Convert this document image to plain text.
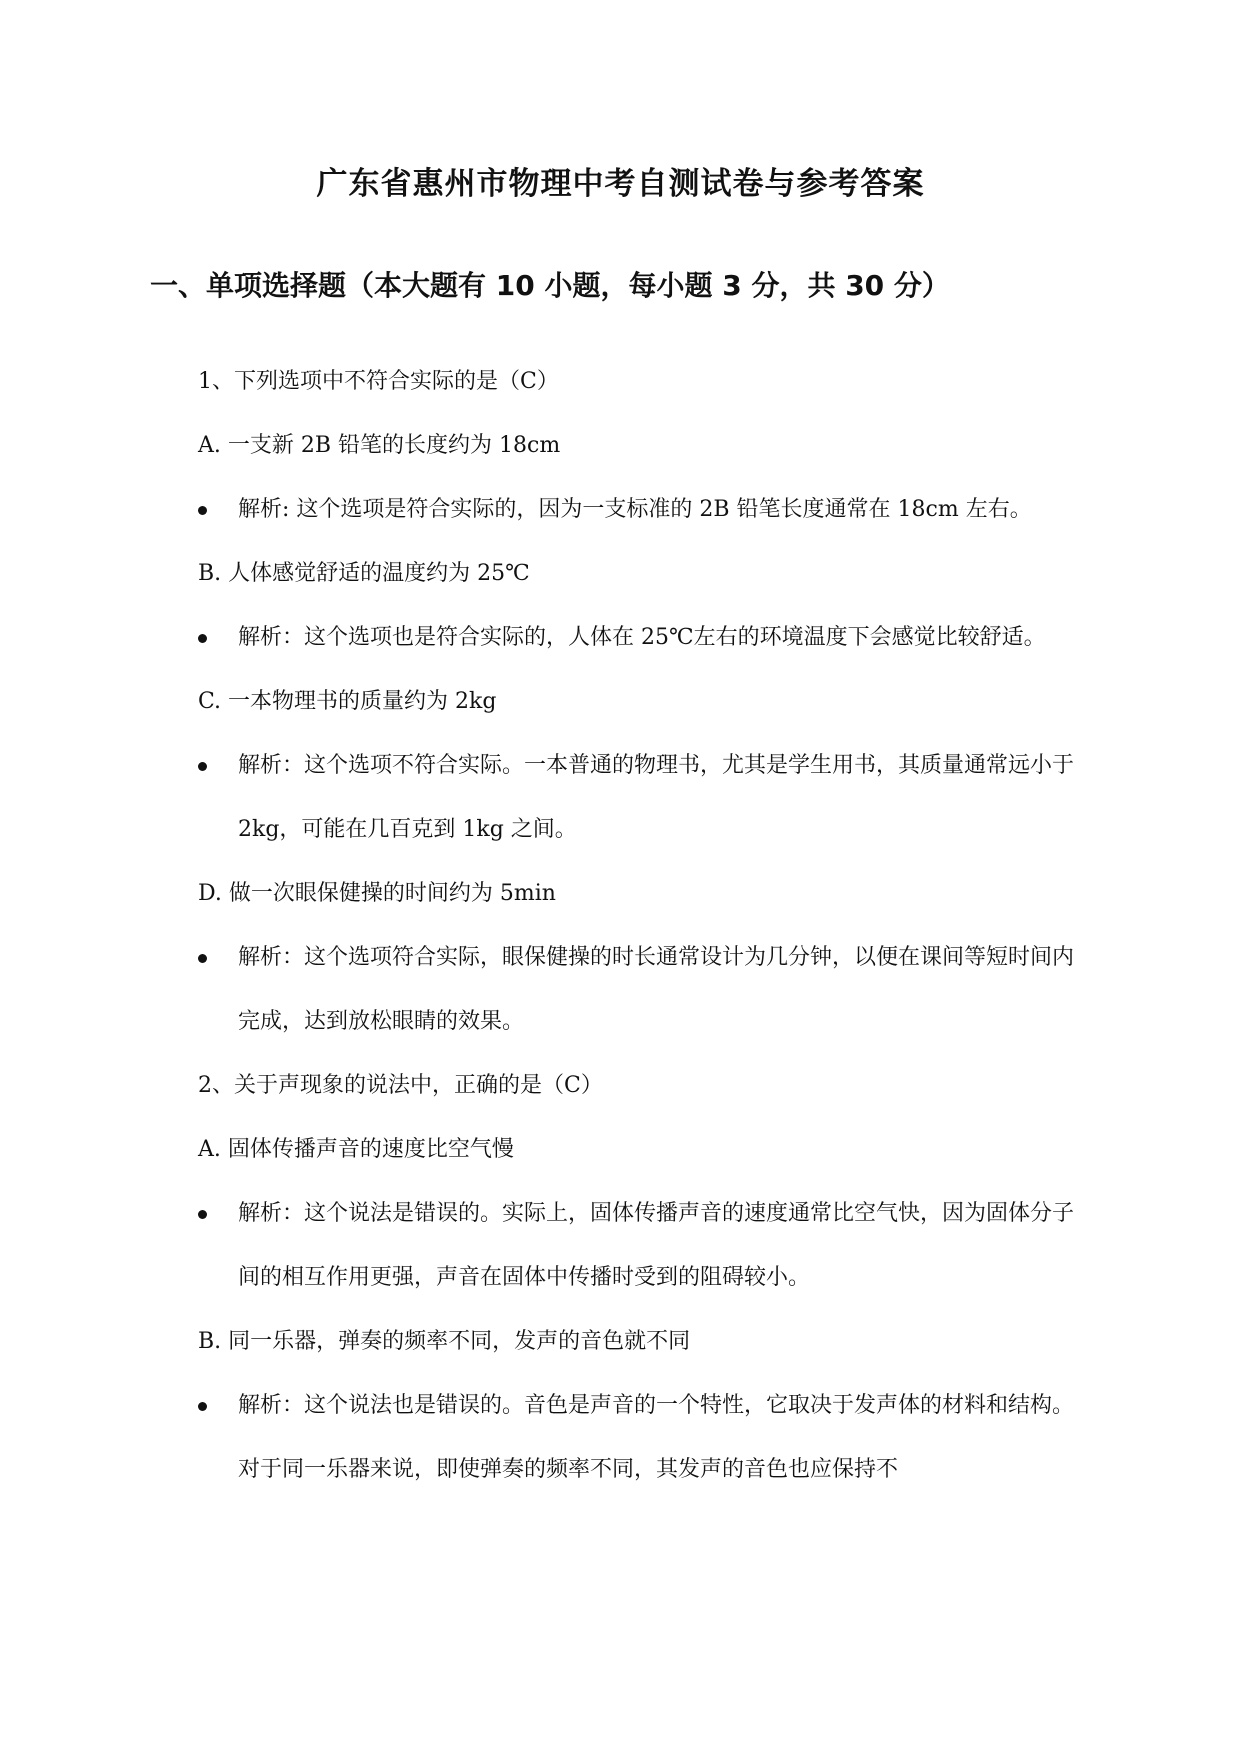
广东省惠州市物理中考自测试卷与参考答案
一、单项选择题（本大题有 10 小题，每小题 3 分，共 30 分）

1、下列选项中不符合实际的是（C）

A. 一支新 2B 铅笔的长度约为 18cm

解析: 这个选项是符合实际的，因为一支标准的 2B 铅笔长度通常在 18cm 左右。

B. 人体感觉舒适的温度约为 25℃

解析：这个选项也是符合实际的，人体在 25℃左右的环境温度下会感觉比较舒适。

C. 一本物理书的质量约为 2kg

解析：这个选项不符合实际。一本普通的物理书，尤其是学生用书，其质量通常远小于 2kg，可能在几百克到 1kg 之间。

D. 做一次眼保健操的时间约为 5min

解析：这个选项符合实际，眼保健操的时长通常设计为几分钟，以便在课间等短时间内完成，达到放松眼睛的效果。

2、关于声现象的说法中，正确的是（C）

A. 固体传播声音的速度比空气慢

解析：这个说法是错误的。实际上，固体传播声音的速度通常比空气快，因为固体分子间的相互作用更强，声音在固体中传播时受到的阻碍较小。

B. 同一乐器，弹奏的频率不同，发声的音色就不同

解析：这个说法也是错误的。音色是声音的一个特性，它取决于发声体的材料和结构。对于同一乐器来说，即使弹奏的频率不同，其发声的音色也应保持不
